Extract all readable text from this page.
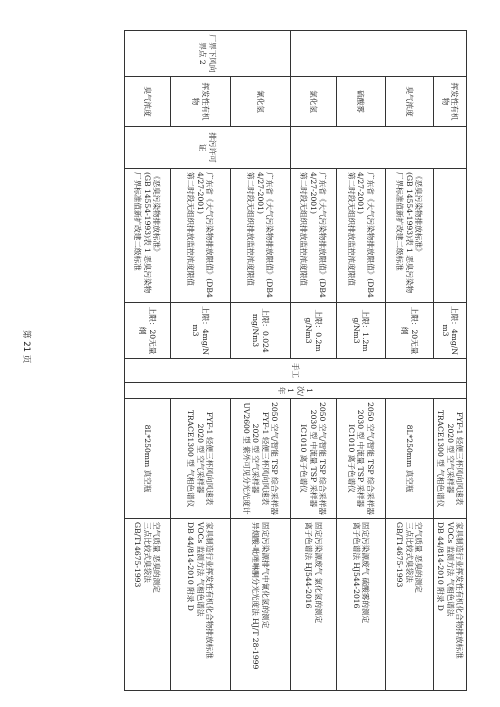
	挥发性有机物			上限：4mg/Nm3	手工	1次/1年	FYF-1 轻便三杯风向风速表
2020 型 空气采样器
TRACE1300 型 气相色谱仪	家具制造行业挥发性有机化合物排放标准
VOCs 监测方法 气相色谱法
DB 44/814-2010 附录 D

	臭气浓度		《恶臭污染物排放标准》
(GB 14554-1993)表 1 恶臭污染物厂界标准值新扩改建二级标准	上限：20无量纲			8L*250mm 真空瓶	空气质量 恶臭的测定
三点比较式臭袋法
GB/T14675-1993

	硫酸雾		广东省《大气污染物排放限值》(DB44/27-2001)
第二时段无组织排放监控浓度限值	上限：1.2mg/Nm3			2050 空气/智能 TSP 综合采样器
2030 型 中流量 TSP 采样器
IC1010 离子色谱仪	固定污染源废气 硫酸雾的测定
离子色谱法 HJ544-2016

	氯化氢		广东省《大气污染物排放限值》(DB44/27-2001)
第二时段无组织排放监控浓度限值	上限：0.2mg/Nm3			2050 空气/智能 TSP 综合采样器
2030 型 中流量 TSP 采样器
IC1010 离子色谱仪	固定污染源废气 氯化氢的测定
离子色谱法 HJ544-2016

厂界下风向界点 2	氰化氢	排污许可证	广东省《大气污染物排放限值》(DB44/27-2001)
第二时段无组织排放监控浓度限值	上限：0.024mg/Nm3			2050 空气/智能 TSP 综合采样器
FYF-1 轻便三杯风向风速表
2020 型 空气采样器
UV2600 型 紫外可见分光光度计	固定污染源排气中氰化氢的测定
异烟酸-吡唑啉酮分光光度法 HJ/T 28-1999

	挥发性有机物		广东省《大气污染物排放限值》(DB44/27-2001)
第二时段无组织排放监控浓度限值	上限：4mg/Nm3			FYF-1 轻便三杯风向风速表
2020 型 空气采样器
TRACE1300 型 气相色谱仪	家具制造行业挥发性有机化合物排放标准
VOCs 监测方法 气相色谱法
DB 44/814-2010 附录 D

	臭气浓度		《恶臭污染物排放标准》
(GB 14554-1993)表 1 恶臭污染物厂界标准值新扩改建二级标准	上限：20无量纲			8L*250mm 真空瓶	空气质量 恶臭的测定
三点比较式臭袋法
GB/T14675-1993
第 21 页
